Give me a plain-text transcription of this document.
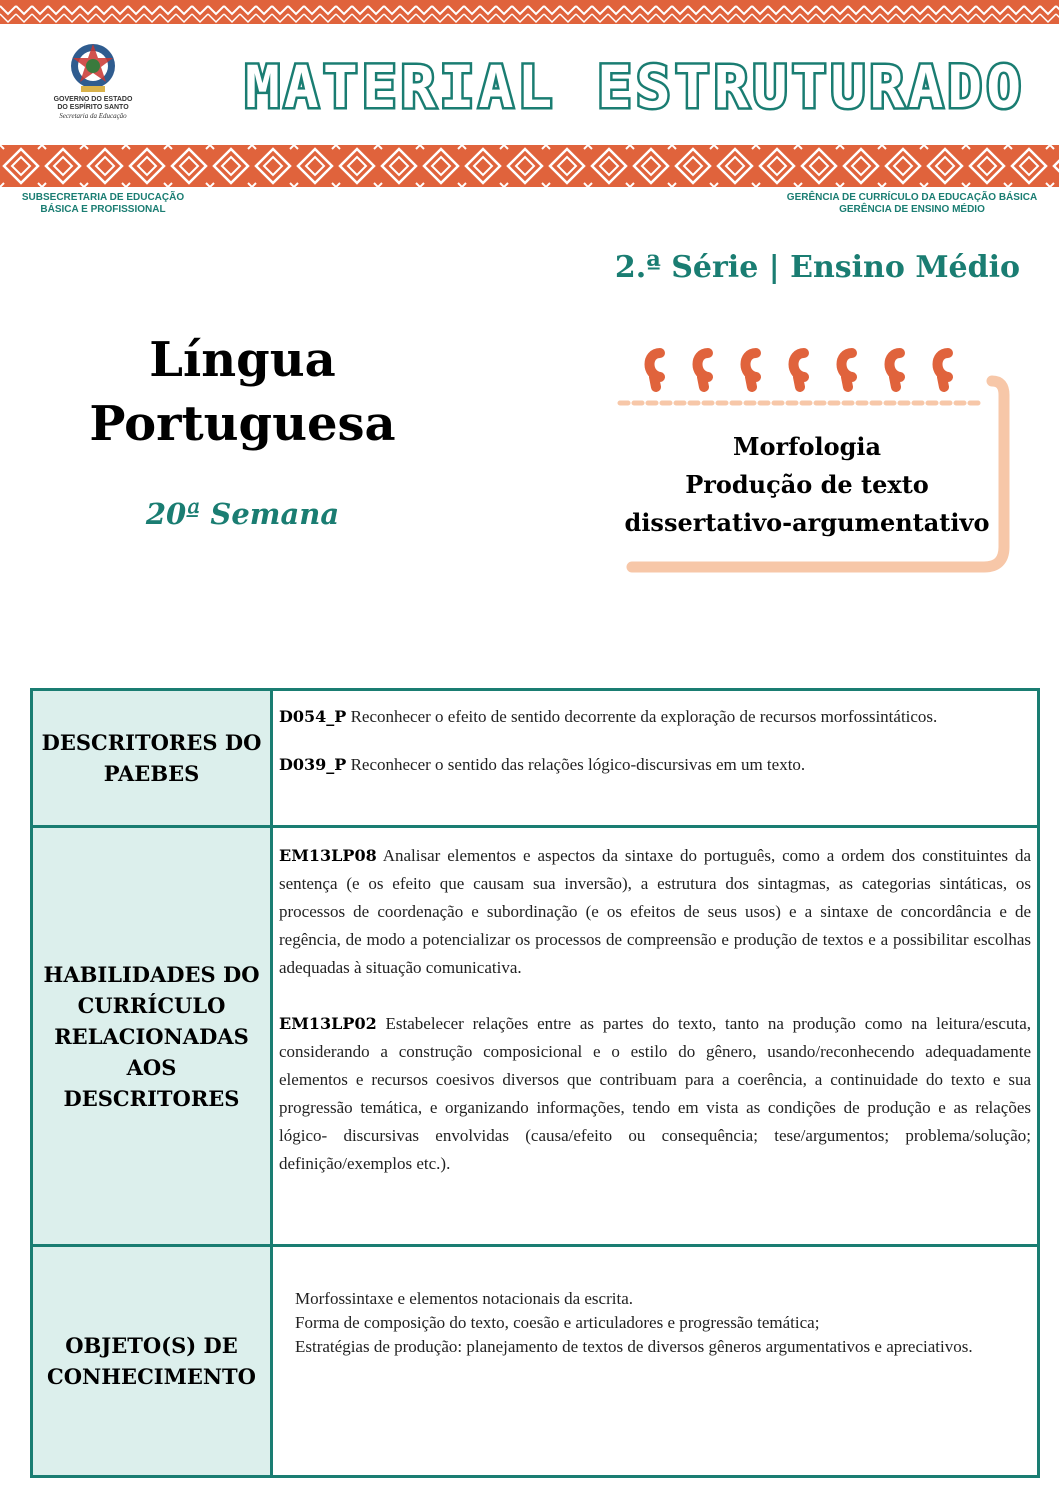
GOVERNO DO ESTADO
DO ESPÍRITO SANTO
Secretaria da Educação MATERIAL ESTRUTURADO
SUBSECRETARIA DE EDUCAÇÃO
BÁSICA E PROFISSIONAL
GERÊNCIA DE CURRÍCULO DA EDUCAÇÃO BÁSICA
GERÊNCIA DE ENSINO MÉDIO
2.ª Série | Ensino Médio
Língua
Portuguesa
20ª Semana
Morfologia
Produção de texto
dissertativo-argumentativo
DESCRITORES DO PAEBES

D054_P Reconhecer o efeito de sentido decorrente da exploração de recursos morfossintáticos.

D039_P Reconhecer o sentido das relações lógico-discursivas em um texto.

HABILIDADES DO CURRÍCULO RELACIONADAS AOS DESCRITORES

EM13LP08 Analisar elementos e aspectos da sintaxe do português, como a ordem dos constituintes da sentença (e os efeito que causam sua inversão), a estrutura dos sintagmas, as categorias sintáticas, os processos de coordenação e subordinação (e os efeitos de seus usos) e a sintaxe de concordância e de regência, de modo a potencializar os processos de compreensão e produção de textos e a possibilitar escolhas adequadas à situação comunicativa.

EM13LP02 Estabelecer relações entre as partes do texto, tanto na produção como na leitura/escuta, considerando a construção composicional e o estilo do gênero, usando/reconhecendo adequadamente elementos e recursos coesivos diversos que contribuam para a coerência, a continuidade do texto e sua progressão temática, e organizando informações, tendo em vista as condições de produção e as relações lógico- discursivas envolvidas (causa/efeito ou consequência; tese/argumentos; problema/solução; definição/exemplos etc.).

OBJETO(S) DE CONHECIMENTO

Morfossintaxe e elementos notacionais da escrita.

Forma de composição do texto, coesão e articuladores e progressão temática;

Estratégias de produção: planejamento de textos de diversos gêneros argumentativos e apreciativos.
